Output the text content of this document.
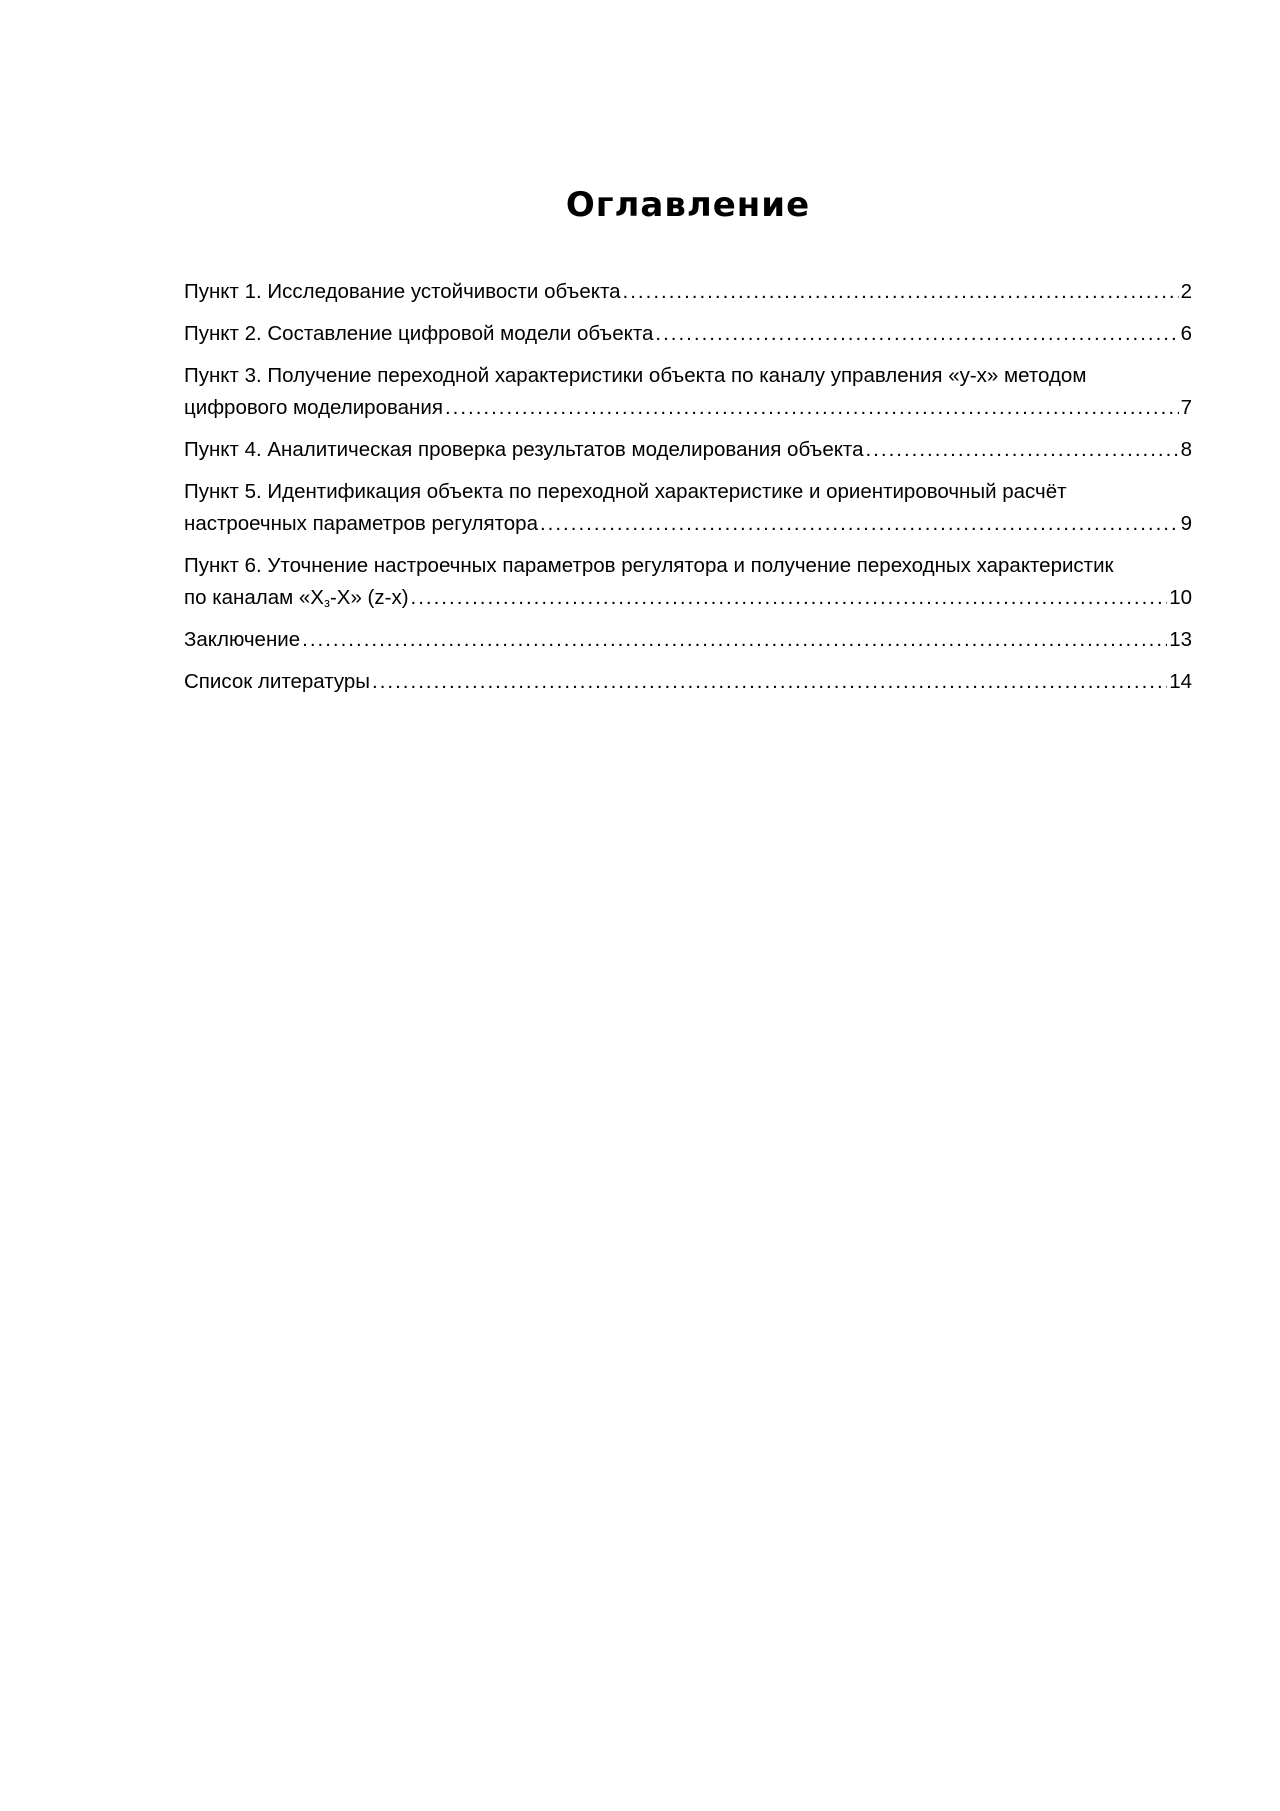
Оглавление
Пункт 1. Исследование устойчивости объекта .....	2
Пункт 2. Составление цифровой модели объекта .....	6
Пункт 3. Получение переходной характеристики объекта по каналу управления «y-x» методом
цифрового моделирования .....	7
Пункт 4. Аналитическая проверка результатов моделирования объекта .....	8
Пункт 5. Идентификация объекта по переходной характеристике и ориентировочный расчёт
настроечных параметров регулятора .....	9
Пункт 6. Уточнение настроечных параметров регулятора и получение переходных характеристик
по каналам «$X_з-X$» (z-x) .....	10
Заключение .....	13
Список литературы .....	14
